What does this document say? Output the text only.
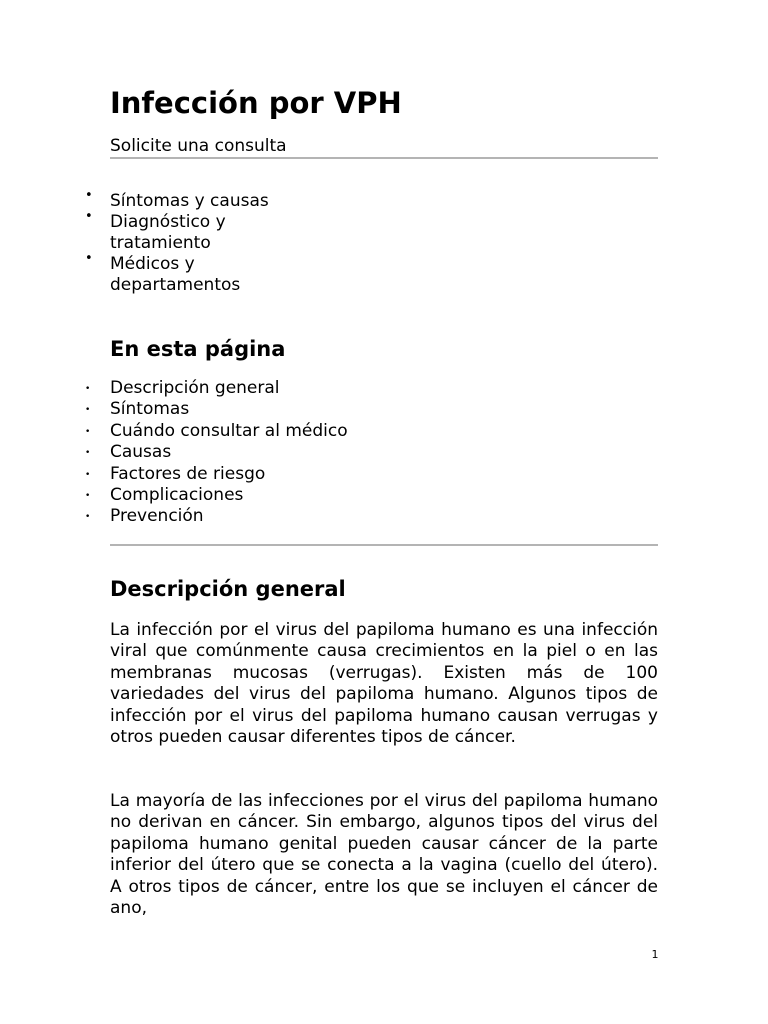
Infección por VPH
Solicite una consulta
• Síntomas y causas
• Diagnóstico y tratamiento
• Médicos y departamentos
En esta página
• Descripción general
• Síntomas
• Cuándo consultar al médico
• Causas
• Factores de riesgo
• Complicaciones
• Prevención
Descripción general

La infección por el virus del papiloma humano es una infección viral que comúnmente causa crecimientos en la piel o en las membranas mucosas (verrugas). Existen más de 100 variedades del virus del papiloma humano. Algunos tipos de infección por el virus del papiloma humano causan verrugas y otros pueden causar diferentes tipos de cáncer.

La mayoría de las infecciones por el virus del papiloma humano no derivan en cáncer. Sin embargo, algunos tipos del virus del papiloma humano genital pueden causar cáncer de la parte inferior del útero que se conecta a la vagina (cuello del útero). A otros tipos de cáncer, entre los que se incluyen el cáncer de ano,

1
